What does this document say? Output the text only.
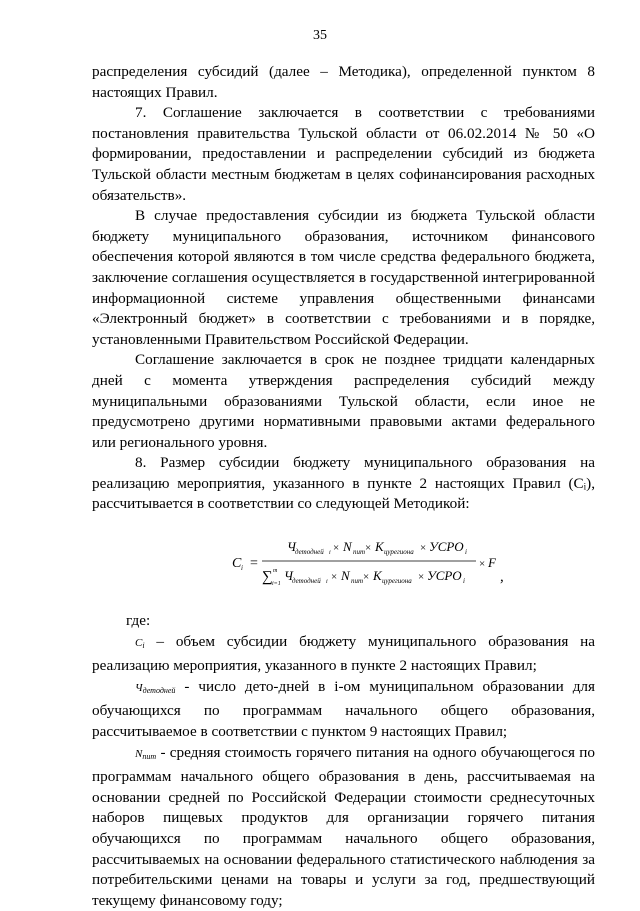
35

распределения субсидий (далее – Методика), определенной пунктом 8 настоящих Правил.

7. Соглашение заключается в соответствии с требованиями постановления правительства Тульской области от 06.02.2014 № 50 «О формировании, предоставлении и распределении субсидий из бюджета Тульской области местным бюджетам в целях софинансирования расходных обязательств».

В случае предоставления субсидии из бюджета Тульской области бюджету муниципального образования, источником финансового обеспечения которой являются в том числе средства федерального бюджета, заключение соглашения осуществляется в государственной интегрированной информационной системе управления общественными финансами «Электронный бюджет» в соответствии с требованиями и в порядке, установленными Правительством Российской Федерации.

Соглашение заключается в срок не позднее тридцати календарных дней с момента утверждения распределения субсидий между муниципальными образованиями Тульской области, если иное не предусмотрено другими нормативными правовыми актами федерального или регионального уровня.

8. Размер субсидии бюджету муниципального образования на реализацию мероприятия, указанного в пункте 2 настоящих Правил (Cᵢ), рассчитывается в соответствии со следующей Методикой:

C i =
Ч детодней i × N пит × K цурегиона × УСРО i
∑ m
i=1
Ч детодней i × N пит × K цурегиона × УСРО i
× F
,

где:

$C_i$ – объем субсидии бюджету муниципального образования на реализацию мероприятия, указанного в пункте 2 настоящих Правил;

$Ч_{детодней}$ - число дето-дней в i-ом муниципальном образовании для обучающихся по программам начального общего образования, рассчитываемое в соответствии с пунктом 9 настоящих Правил;

$N_{пит}$ - средняя стоимость горячего питания на одного обучающегося по программам начального общего образования в день, рассчитываемая на основании средней по Российской Федерации стоимости среднесуточных наборов пищевых продуктов для организации горячего питания обучающихся по программам начального общего образования, рассчитываемых на основании федерального статистического наблюдения за потребительскими ценами на товары и услуги за год, предшествующий текущему финансовому году;
